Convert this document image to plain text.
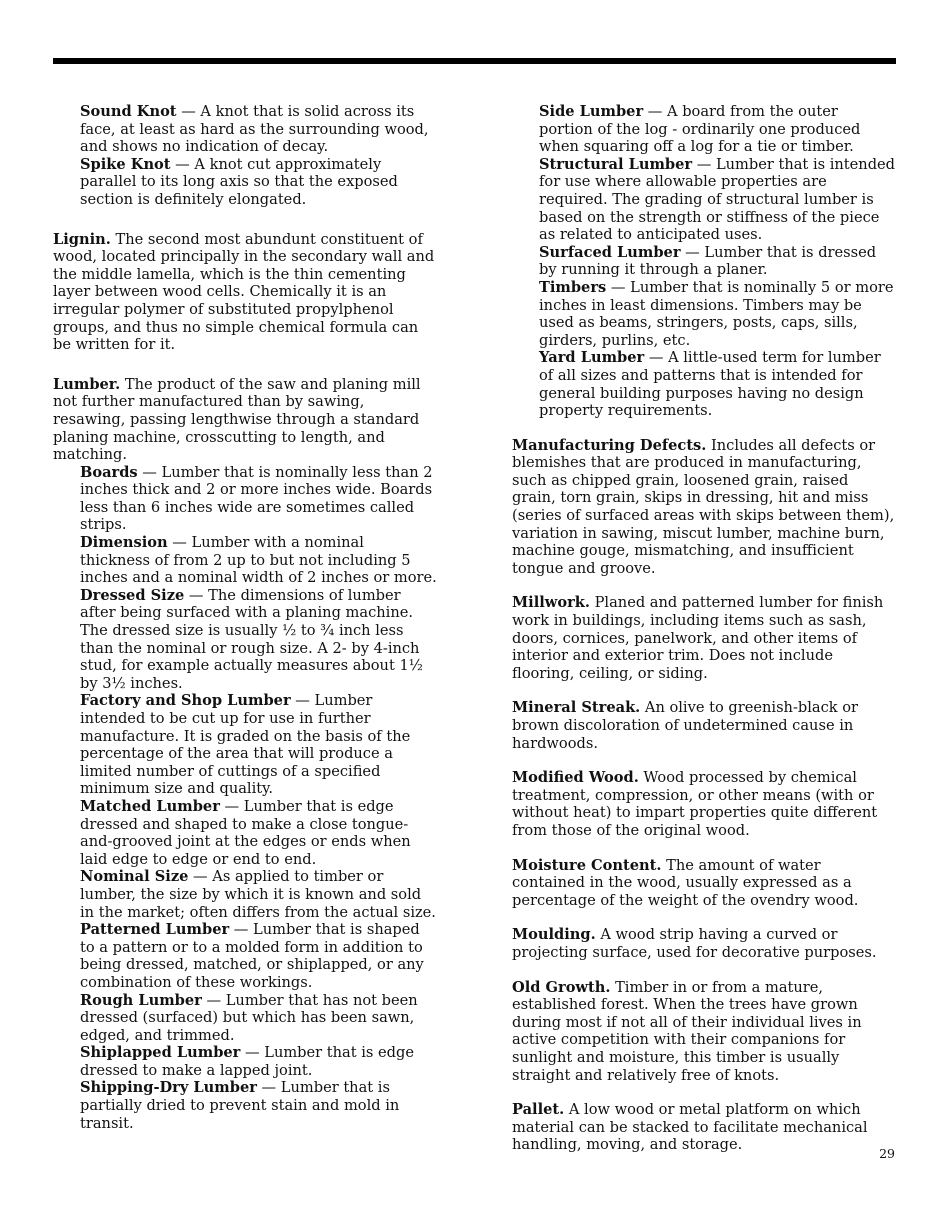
Sound Knot — A knot that is solid across its face, at least as hard as the surrounding wood, and shows no indication of decay.

Spike Knot — A knot cut approximately parallel to its long axis so that the exposed section is definitely elongated.

Lignin. The second most abundunt constituent of wood, located principally in the secondary wall and the middle lamella, which is the thin cementing layer between wood cells. Chemically it is an irregular polymer of substituted propylphenol groups, and thus no simple chemical formula can be written for it.

Lumber. The product of the saw and planing mill not further manufactured than by sawing, resawing, passing lengthwise through a standard planing machine, crosscutting to length, and matching.

Boards — Lumber that is nominally less than 2 inches thick and 2 or more inches wide. Boards less than 6 inches wide are sometimes called strips.

Dimension — Lumber with a nominal thickness of from 2 up to but not including 5 inches and a nominal width of 2 inches or more.

Dressed Size — The dimensions of lumber after being surfaced with a planing machine. The dressed size is usually ½ to ¾ inch less than the nominal or rough size. A 2- by 4-inch stud, for example actually measures about 1½ by 3½ inches.

Factory and Shop Lumber — Lumber intended to be cut up for use in further manufacture. It is graded on the basis of the percentage of the area that will produce a limited number of cuttings of a specified minimum size and quality.

Matched Lumber — Lumber that is edge dressed and shaped to make a close tongue-and-grooved joint at the edges or ends when laid edge to edge or end to end.

Nominal Size — As applied to timber or lumber, the size by which it is known and sold in the market; often differs from the actual size.

Patterned Lumber — Lumber that is shaped to a pattern or to a molded form in addition to being dressed, matched, or shiplapped, or any combination of these workings.

Rough Lumber — Lumber that has not been dressed (surfaced) but which has been sawn, edged, and trimmed.

Shiplapped Lumber — Lumber that is edge dressed to make a lapped joint.

Shipping-Dry Lumber — Lumber that is partially dried to prevent stain and mold in transit.

Side Lumber — A board from the outer portion of the log - ordinarily one produced when squaring off a log for a tie or timber.

Structural Lumber — Lumber that is intended for use where allowable properties are required. The grading of structural lumber is based on the strength or stiffness of the piece as related to anticipated uses.

Surfaced Lumber — Lumber that is dressed by running it through a planer.

Timbers — Lumber that is nominally 5 or more inches in least dimensions. Timbers may be used as beams, stringers, posts, caps, sills, girders, purlins, etc.

Yard Lumber — A little-used term for lumber of all sizes and patterns that is intended for general building purposes having no design property requirements.

Manufacturing Defects. Includes all defects or blemishes that are produced in manufacturing, such as chipped grain, loosened grain, raised grain, torn grain, skips in dressing, hit and miss (series of surfaced areas with skips between them), variation in sawing, miscut lumber, machine burn, machine gouge, mismatching, and insufficient tongue and groove.

Millwork. Planed and patterned lumber for finish work in buildings, including items such as sash, doors, cornices, panelwork, and other items of interior and exterior trim. Does not include flooring, ceiling, or siding.

Mineral Streak. An olive to greenish-black or brown discoloration of undetermined cause in hardwoods.

Modified Wood. Wood processed by chemical treatment, compression, or other means (with or without heat) to impart properties quite different from those of the original wood.

Moisture Content. The amount of water contained in the wood, usually expressed as a percentage of the weight of the ovendry wood.

Moulding. A wood strip having a curved or projecting surface, used for decorative purposes.

Old Growth. Timber in or from a mature, established forest. When the trees have grown during most if not all of their individual lives in active competition with their companions for sunlight and moisture, this timber is usually straight and relatively free of knots.

Pallet. A low wood or metal platform on which material can be stacked to facilitate mechanical handling, moving, and storage.

29
